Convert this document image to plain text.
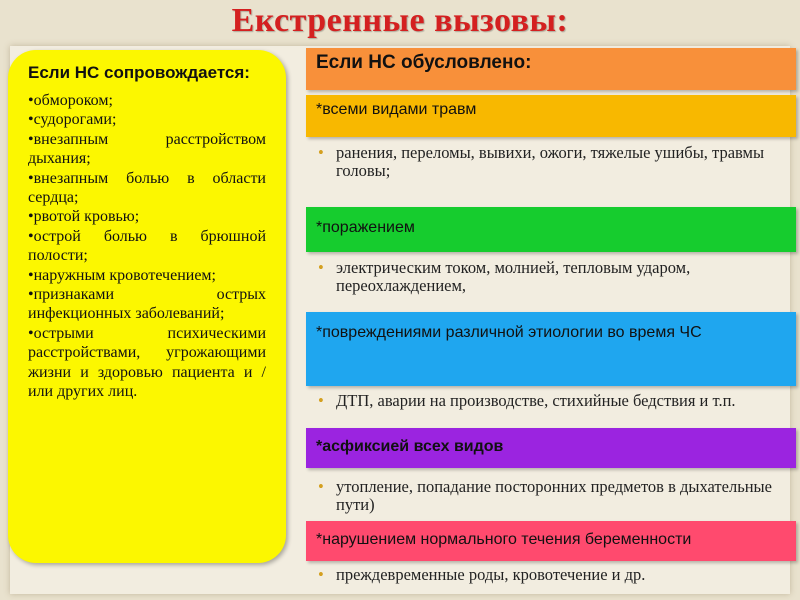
Екстренные вызовы:
Если НС сопровождается:
•обмороком;
•судорогами;
•внезапным расстройством дыхания;
•внезапным болью в области сердца;
•рвотой кровью;
•острой болью в брюшной полости;
•наружным кровотечением;
•признаками острых инфекционных заболеваний;
•острыми психическими расстройствами, угрожающими жизни и здоровью пациента и / или других лиц.
Если НС обусловлено:
*всеми видами травм
• ранения, переломы, вывихи, ожоги, тяжелые ушибы, травмы головы;
*поражением
• электрическим током, молнией, тепловым ударом, переохлаждением,
*повреждениями различной этиологии во время ЧС
• ДТП, аварии на производстве, стихийные бедствия и т.п.
*асфиксией всех видов
• утопление, попадание посторонних предметов в дыхательные пути)
*нарушением нормального течения беременности
• преждевременные роды, кровотечение и др.
